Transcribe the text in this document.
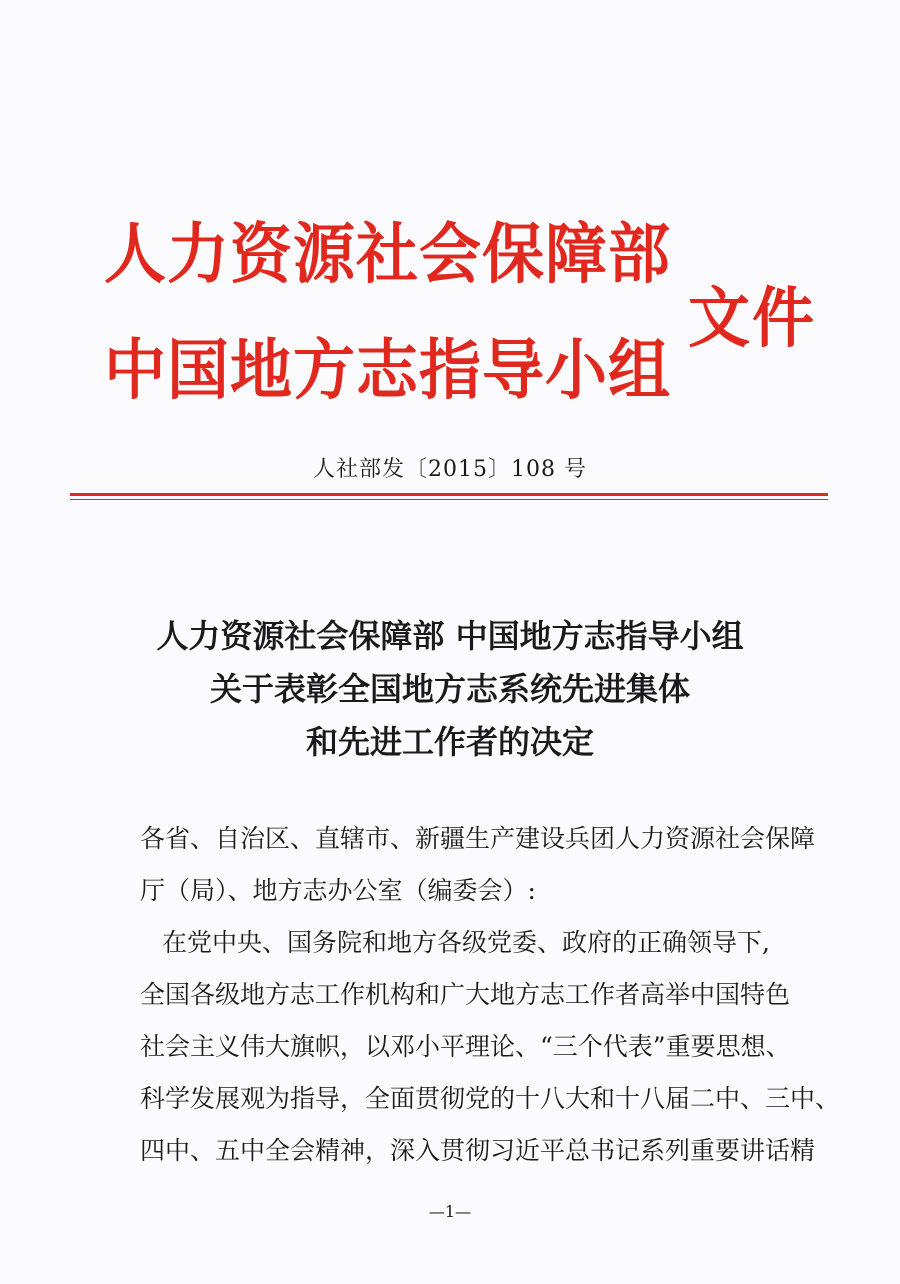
人力资源社会保障部
中国地方志指导小组
文件
人社部发〔2015〕108 号
人力资源社会保障部 中国地方志指导小组
关于表彰全国地方志系统先进集体
和先进工作者的决定
各省、自治区、直辖市、新疆生产建设兵团人力资源社会保障
厅（局）、地方志办公室（编委会）:
在党中央、国务院和地方各级党委、政府的正确领导下,
全国各级地方志工作机构和广大地方志工作者高举中国特色
社会主义伟大旗帜，以邓小平理论、“三个代表”重要思想、
科学发展观为指导，全面贯彻党的十八大和十八届二中、三中、
四中、五中全会精神，深入贯彻习近平总书记系列重要讲话精
—1—
